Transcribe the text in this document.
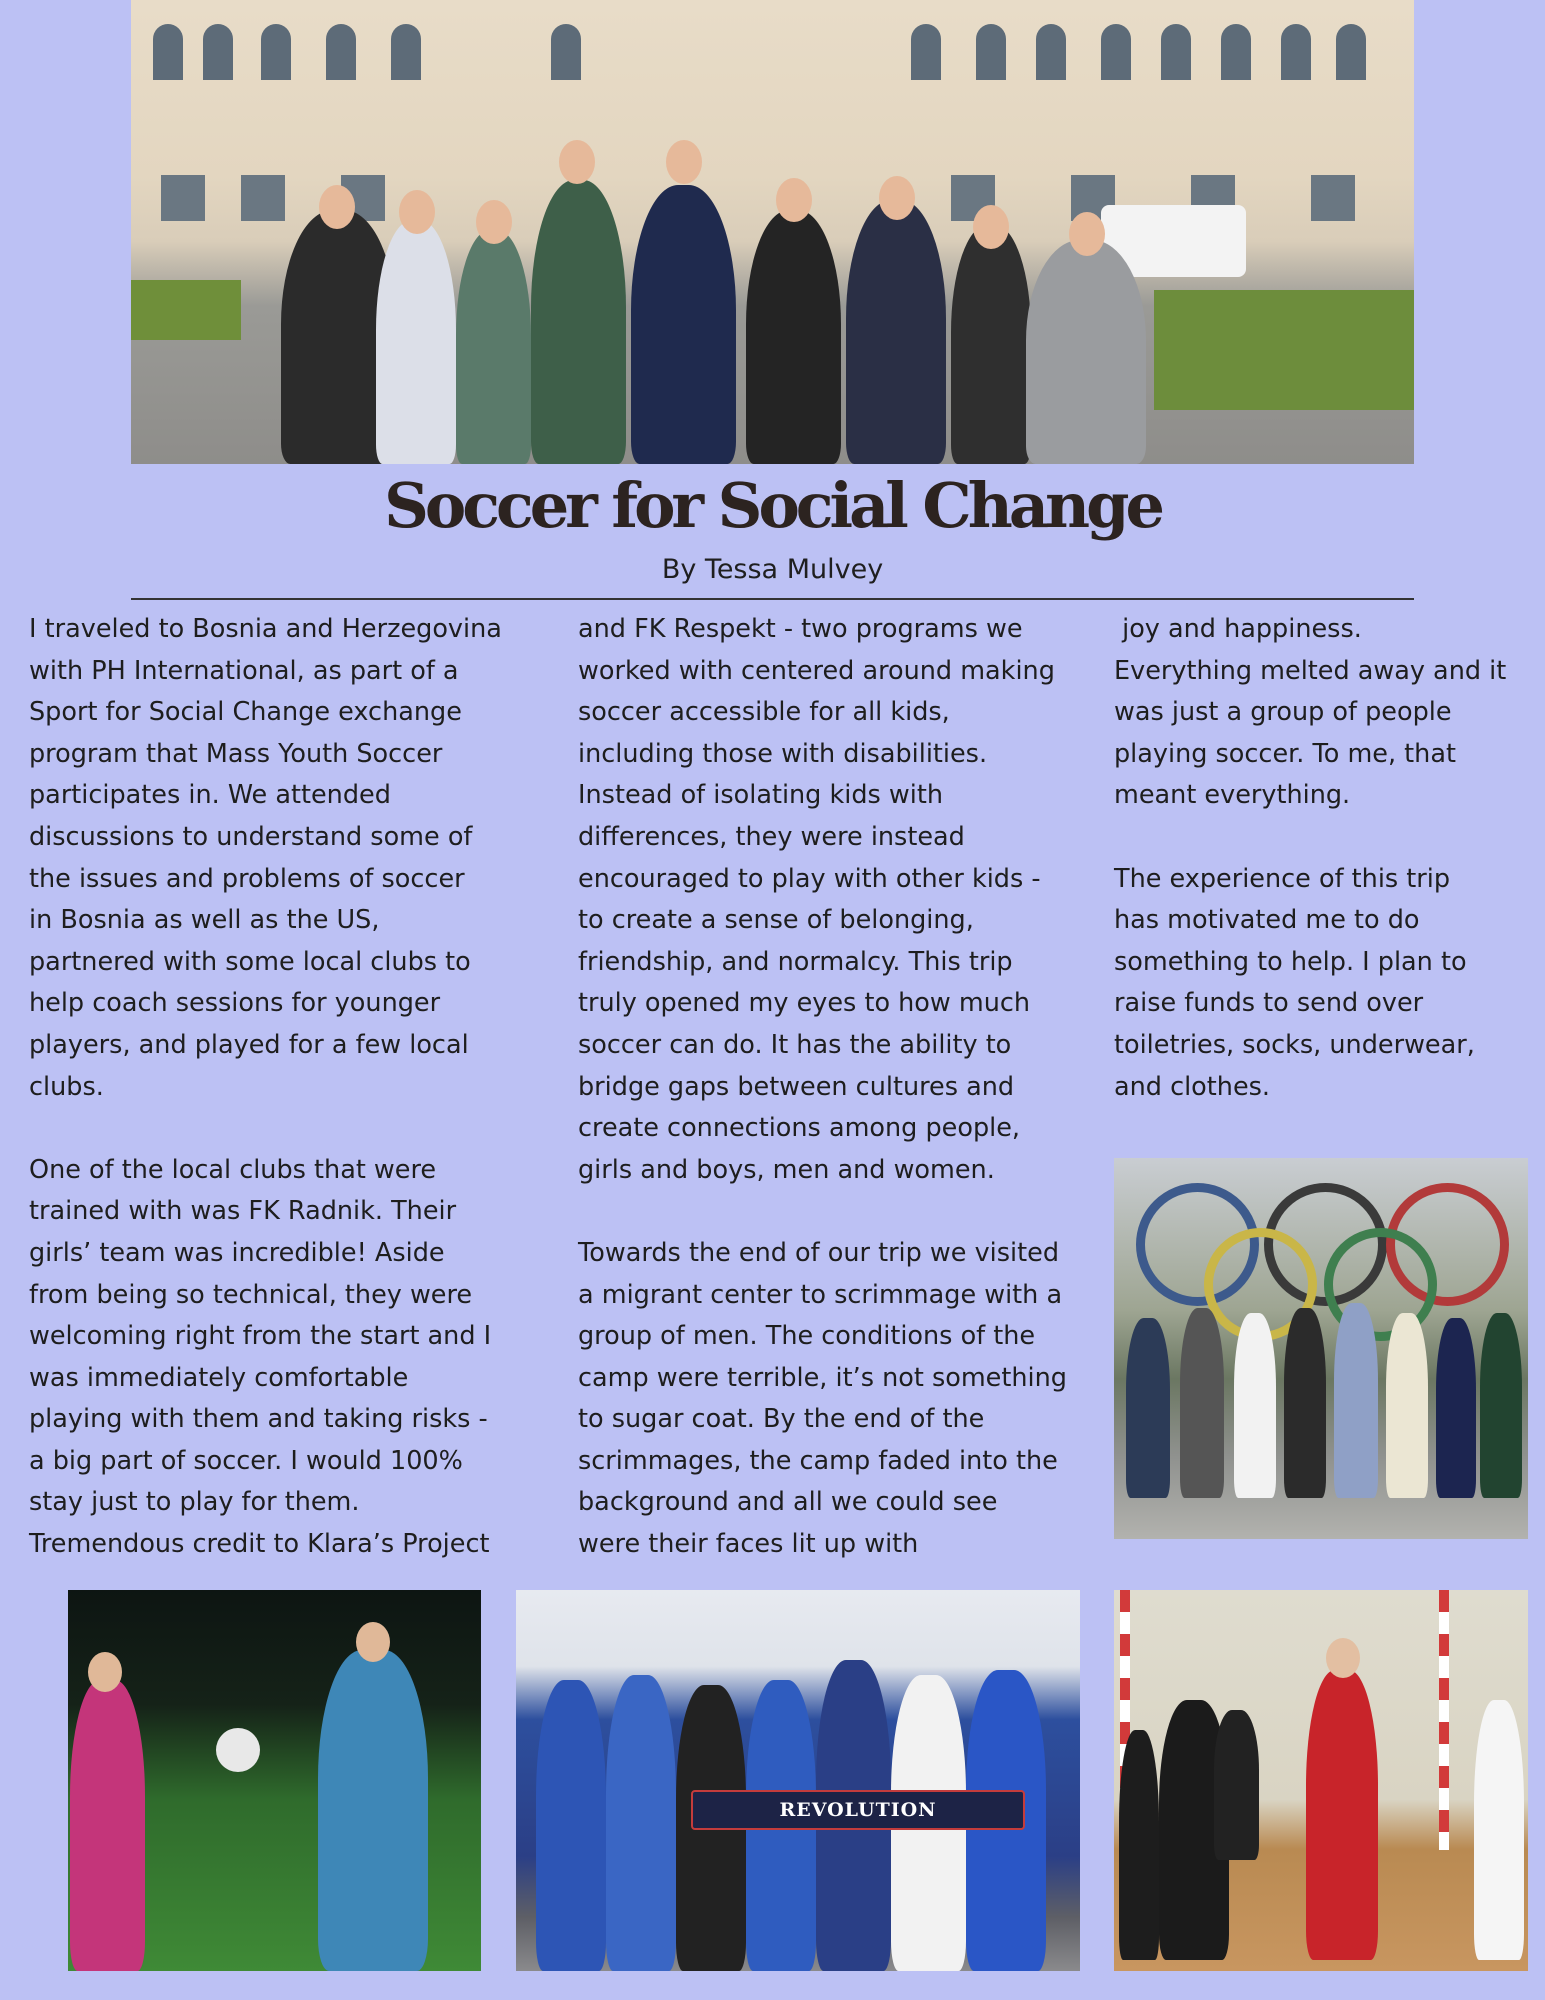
Soccer for Social Change
By Tessa Mulvey

I traveled to Bosnia and Herzegovina
with PH International, as part of a
Sport for Social Change exchange
program that Mass Youth Soccer
participates in. We attended
discussions to understand some of
the issues and problems of soccer
in Bosnia as well as the US,
partnered with some local clubs to
help coach sessions for younger
players, and played for a few local
clubs.

One of the local clubs that were
trained with was FK Radnik. Their
girls’ team was incredible! Aside
from being so technical, they were
welcoming right from the start and I
was immediately comfortable
playing with them and taking risks -
a big part of soccer. I would 100%
stay just to play for them.
Tremendous credit to Klara’s Project

and FK Respekt - two programs we
worked with centered around making
soccer accessible for all kids,
including those with disabilities.
Instead of isolating kids with
differences, they were instead
encouraged to play with other kids -
to create a sense of belonging,
friendship, and normalcy. This trip
truly opened my eyes to how much
soccer can do. It has the ability to
bridge gaps between cultures and
create connections among people,
girls and boys, men and women.

Towards the end of our trip we visited
a migrant center to scrimmage with a
group of men. The conditions of the
camp were terrible, it’s not something
to sugar coat. By the end of the
scrimmages, the camp faded into the
background and all we could see
were their faces lit up with

joy and happiness.
Everything melted away and it
was just a group of people
playing soccer. To me, that
meant everything.

The experience of this trip
has motivated me to do
something to help. I plan to
raise funds to send over
toiletries, socks, underwear,
and clothes.

REVOLUTION
